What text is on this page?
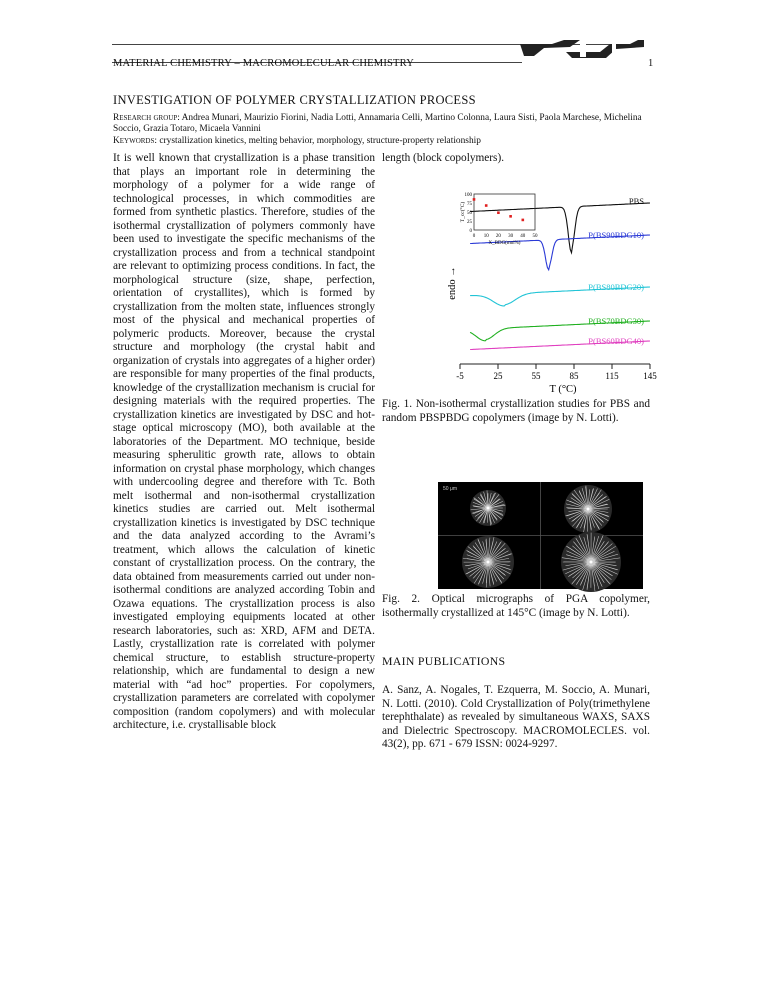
MATERIAL CHEMISTRY – MACROMOLECULAR CHEMISTRY	1
INVESTIGATION OF POLYMER CRYSTALLIZATION PROCESS
Research group: Andrea Munari, Maurizio Fiorini, Nadia Lotti, Annamaria Celli, Martino Colonna, Laura Sisti, Paola Marchese, Michelina Soccio, Grazia Totaro, Micaela Vannini
Keywords: crystallization kinetics, melting behavior, morphology, structure-property relationship
It is well known that crystallization is a phase transition that plays an important role in determining the morphology of a polymer for a wide range of technological processes, in which commodities are formed from synthetic plastics. Therefore, studies of the isothermal crystallization of polymers commonly have been used to investigate the specific mechanisms of the crystallization process and from a technical standpoint are relevant to optimizing process conditions. In fact, the morphological structure (size, shape, perfection, orientation of crystallites), which is formed by crystallization from the molten state, influences strongly most of the physical and mechanical properties of polymeric products. Moreover, because the crystal structure and morphology (the crystal habit and organization of crystals into aggregates of a higher order) are responsible for many properties of the final products, knowledge of the crystallization mechanism is crucial for designing materials with the required properties. The crystallization kinetics are investigated by DSC and hot-stage optical microscopy (MO), both available at the laboratories of the Department. MO technique, beside measuring spherulitic growth rate, allows to obtain information on crystal phase morphology, which changes with undercooling degree and therefore with Tc. Both melt isothermal and non-isothermal crystallization kinetics studies are carried out. Melt isothermal crystallization kinetics is investigated by DSC technique and the data analyzed according to the Avrami’s treatment, which allows the calculation of kinetic constant of crystallization process. On the contrary, the data obtained from measurements carried out under non-isothermal conditions are analyzed according Tobin and Ozawa equations. The crystallization process is also investigated employing equipments located at other research laboratories, such as: XRD, AFM and DETA. Lastly, crystallization rate is correlated with polymer chemical structure, to establish structure-property relationship, which are fundamental to design a new material with “ad hoc” properties. For copolymers, crystallization parameters are correlated with copolymer composition (random copolymers) and with molecular architecture, i.e. crystallisable block
length (block copolymers).
-5	25	55	85	115	145
T (°C)
endo →
PBS
P(BS90BDG10)
P(BS80BDG20)
P(BS70BDG30)
P(BS60BDG40)
0 10 20 30 40 50
0
25
50
75
100
X_BDG(mol%)
T_cc(°C)
Fig. 1. Non-isothermal crystallization studies for PBS and random PBSPBDG copolymers (image by N. Lotti).
50 μm
Fig. 2. Optical micrographs of PGA copolymer, isothermally crystallized at 145°C (image by N. Lotti).
MAIN PUBLICATIONS
A. Sanz, A. Nogales, T. Ezquerra, M. Soccio, A. Munari, N. Lotti. (2010). Cold Crystallization of Poly(trimethylene terephthalate) as revealed by simultaneous WAXS, SAXS and Dielectric Spectroscopy. MACROMOLECLES. vol. 43(2), pp. 671 - 679 ISSN: 0024-9297.
